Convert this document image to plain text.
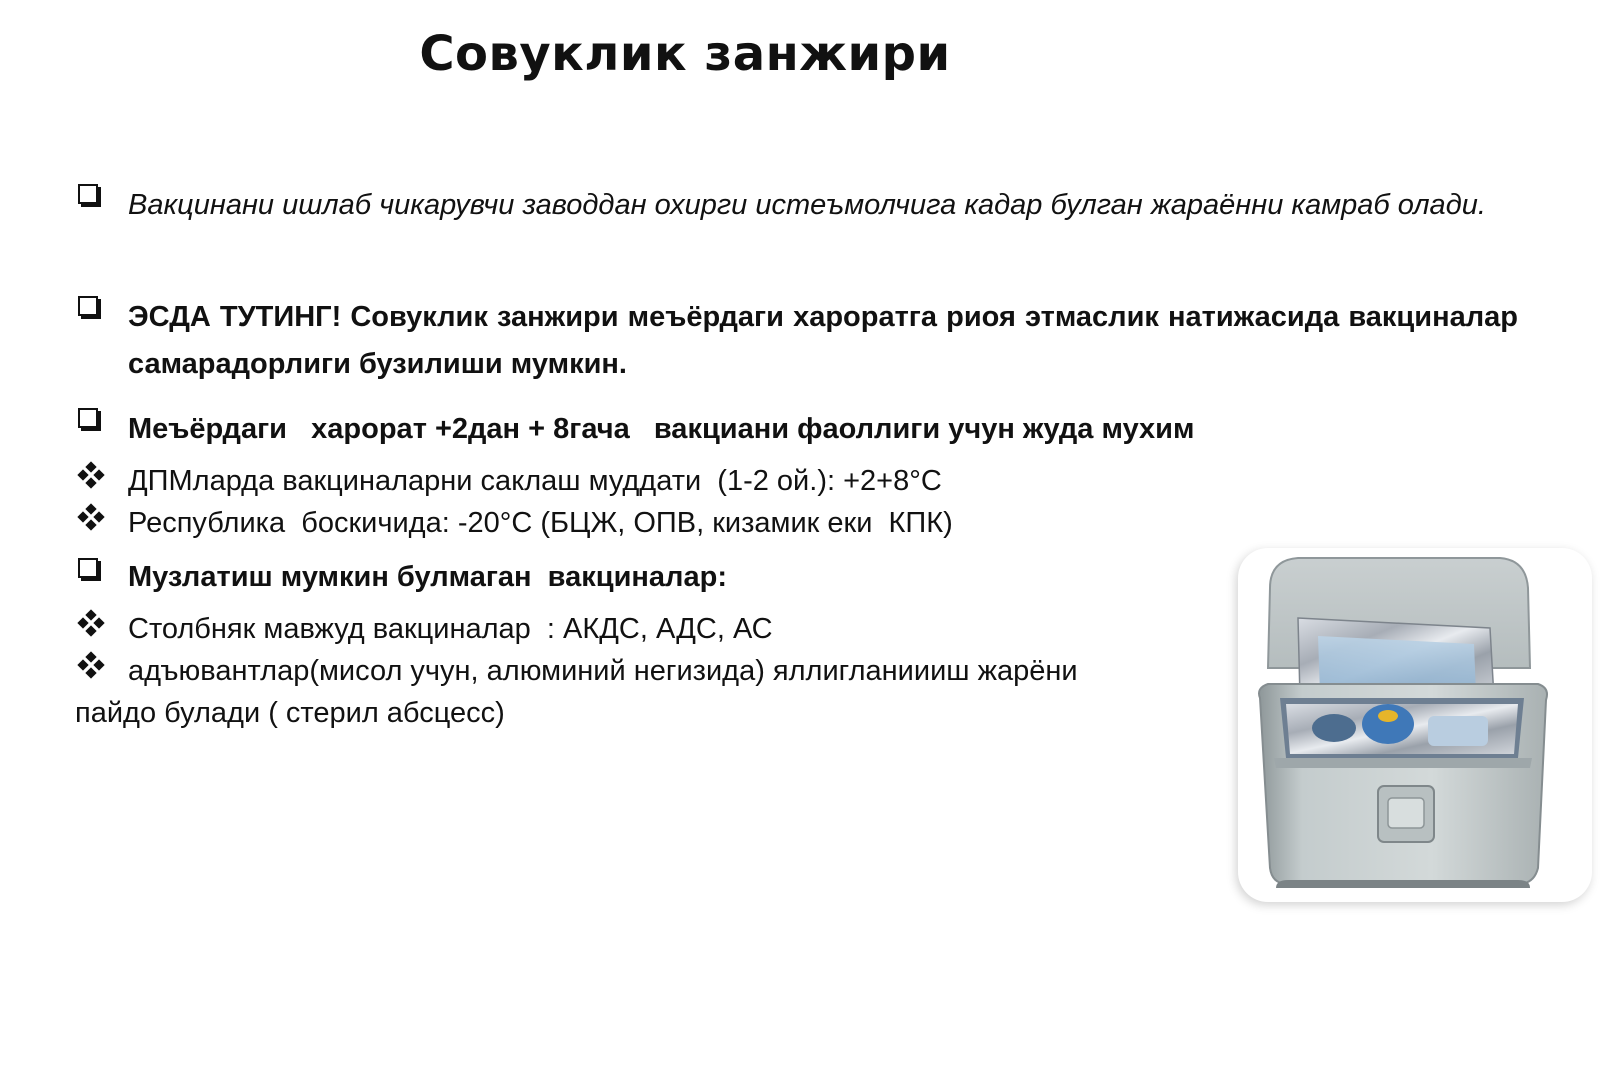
Совуклик занжири
Вакцинани ишлаб чикарувчи заводдан охирги истеъмолчига кадар булган жараённи камраб олади.
ЭСДА ТУТИНГ! Совуклик занжири меъёрдаги хароратга риоя этмаслик натижасида вакциналар самарадорлиги бузилиши мумкин.
Меъёрдаги   харорат +2дан + 8гача   вакциани фаоллиги учун жуда мухим
ДПМларда вакциналарни саклаш муддати  (1-2 ой.): +2+8°С
Республика  боскичида: -20°С (БЦЖ, ОПВ, кизамик еки  КПК)
Музлатиш мумкин булмаган  вакциналар:
Столбняк мавжуд вакциналар  : АКДС, АДС, АС
адъювантлар(мисол учун, алюминий негизида) яллигланиииш жарёни
пайдо булади ( стерил абсцесс)
